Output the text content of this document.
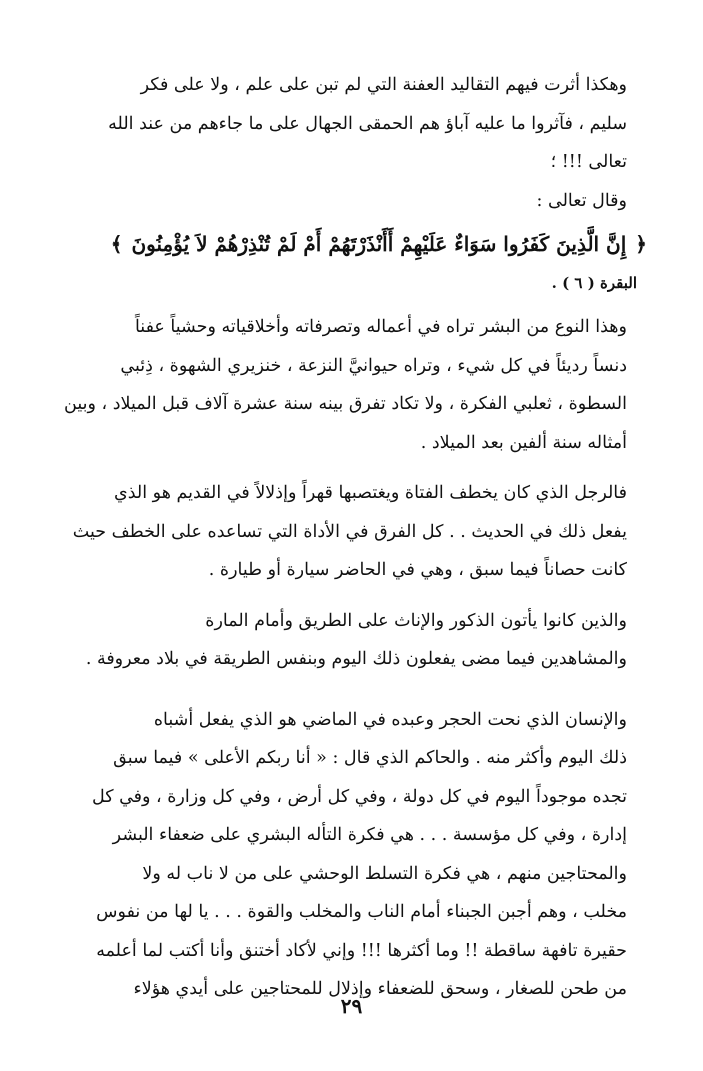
وهكذا أثرت فيهم التقاليد العفنة التي لم تبن على علم ، ولا على فكر

سليم ، فآثروا ما عليه آباؤ هم الحمقى الجهال على ما جاءهم من عند الله

تعالى !!! ؛

وقال تعالى :

﴿ إِنَّ الَّذِينَ كَفَرُوا سَوَاءٌ عَلَيْهِمْ أَأَنْذَرْتَهُمْ أَمْ لَمْ تُنْذِرْهُمْ لاَ يُؤْمِنُونَ ﴾
البقرة ( ٦ ) .

وهذا النوع من البشر تراه في أعماله وتصرفاته وأخلاقياته وحشياً عفناً

دنساً رديئاً في كل شيء ، وتراه حيوانيَّ النزعة ، خنزيري الشهوة ، ذِئبي

السطوة ، ثعلبي الفكرة ، ولا تكاد تفرق بينه سنة عشرة آلاف قبل الميلاد ، وبين

أمثاله سنة ألفين بعد الميلاد .

فالرجل الذي كان يخطف الفتاة ويغتصبها قهراً وإذلالاً في القديم هو الذي

يفعل ذلك في الحديث . . كل الفرق في الأداة التي تساعده على الخطف حيث

كانت حصاناً فيما سبق ، وهي في الحاضر سيارة أو طيارة .

والذين كانوا يأتون الذكور والإناث على الطريق وأمام المارة

والمشاهدين فيما مضى يفعلون ذلك اليوم وبنفس الطريقة في بلاد معروفة .

والإنسان الذي نحت الحجر وعبده في الماضي هو الذي يفعل أشباه

ذلك اليوم وأكثر منه . والحاكم الذي قال : « أنا ربكم الأعلى » فيما سبق

تجده موجوداً اليوم في كل دولة ، وفي كل أرض ، وفي كل وزارة ، وفي كل

إدارة ، وفي كل مؤسسة . . . هي فكرة التأله البشري على ضعفاء البشر

والمحتاجين منهم ، هي فكرة التسلط الوحشي على من لا ناب له ولا

مخلب ، وهم أجبن الجبناء أمام الناب والمخلب والقوة . . . يا لها من نفوس

حقيرة تافهة ساقطة !! وما أكثرها !!! وإني لأكاد أختنق وأنا أكتب لما أعلمه

من طحن للصغار ، وسحق للضعفاء وإذلال للمحتاجين على أيدي هؤلاء

٢٩
